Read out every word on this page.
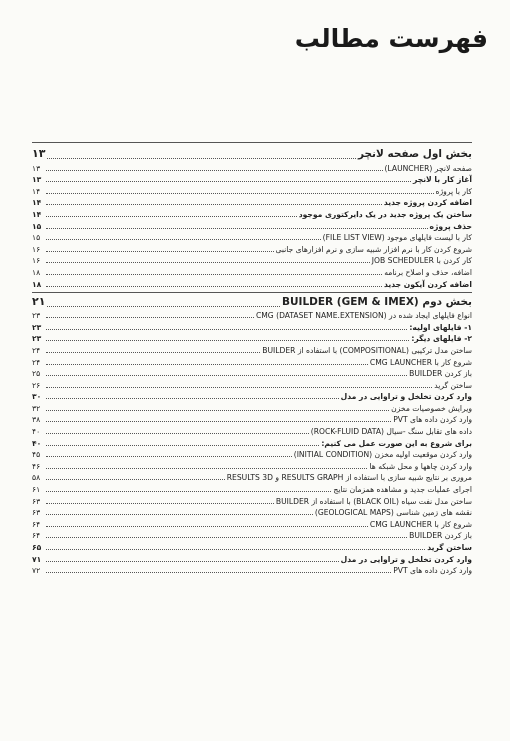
فهرست مطالب
بخش اول صفحه لانچر
۱۳
صفحه لانچر (LAUNCHER)
۱۳
آغاز کار با لانچر
۱۳
کار با پروژه
۱۴
اضافه کردن پروژه جدید
۱۴
ساختن یک پروژه جدید در یک دایرکتوری موجود
۱۴
حذف پروژه
۱۵
کار با لیست فایلهای موجود (FILE LIST VIEW)
۱۵
شروع کردن کار با نرم افزار شبیه سازی و نرم افزارهای جانبی
۱۶
کار کردن با JOB SCHEDULER
۱۶
اضافه، حذف و اصلاح برنامه
۱۸
اضافه کردن آیکون جدید
۱۸
بخش دوم BUILDER (GEM & IMEX)
۲۱
انواع فایلهای ایجاد شده در CMG (DATASET NAME.EXTENSION)
۲۳
۱- فایلهای اولیه:
۲۳
۲- فایلهای دیگر:
۲۳
ساختن مدل ترکیبی (COMPOSITIONAL) با استفاده از BUILDER
۲۴
شروع کار با CMG LAUNCHER
۲۴
باز کردن BUILDER
۲۵
ساختن گرید
۲۶
وارد کردن تخلخل و تراوایی در مدل
۳۰
ویرایش خصوصیات مخزن
۳۲
وارد کردن داده های PVT
۳۸
داده های تقابل سنگ -سیال (ROCK-FLUID DATA)
۴۰
برای شروع به این صورت عمل می کنیم:
۴۰
وارد کردن موقعیت اولیه مخزن (INITIAL CONDITION)
۴۵
وارد کردن چاهها و محل شبکه ها
۴۶
مروری بر نتایج شبیه سازی با استفاده از RESULTS GRAPH و RESULTS 3D
۵۸
اجرای عملیات جدید و مشاهده همزمان نتایج
۶۱
ساختن مدل نفت سیاه (BLACK OIL) با استفاده از BUILDER
۶۳
نقشه های زمین شناسی (GEOLOGICAL MAPS)
۶۳
شروع کار با CMG LAUNCHER
۶۴
باز کردن BUILDER
۶۴
ساختن گرید
۶۵
وارد کردن تخلخل و تراوایی در مدل
۷۱
وارد کردن داده های PVT
۷۲
